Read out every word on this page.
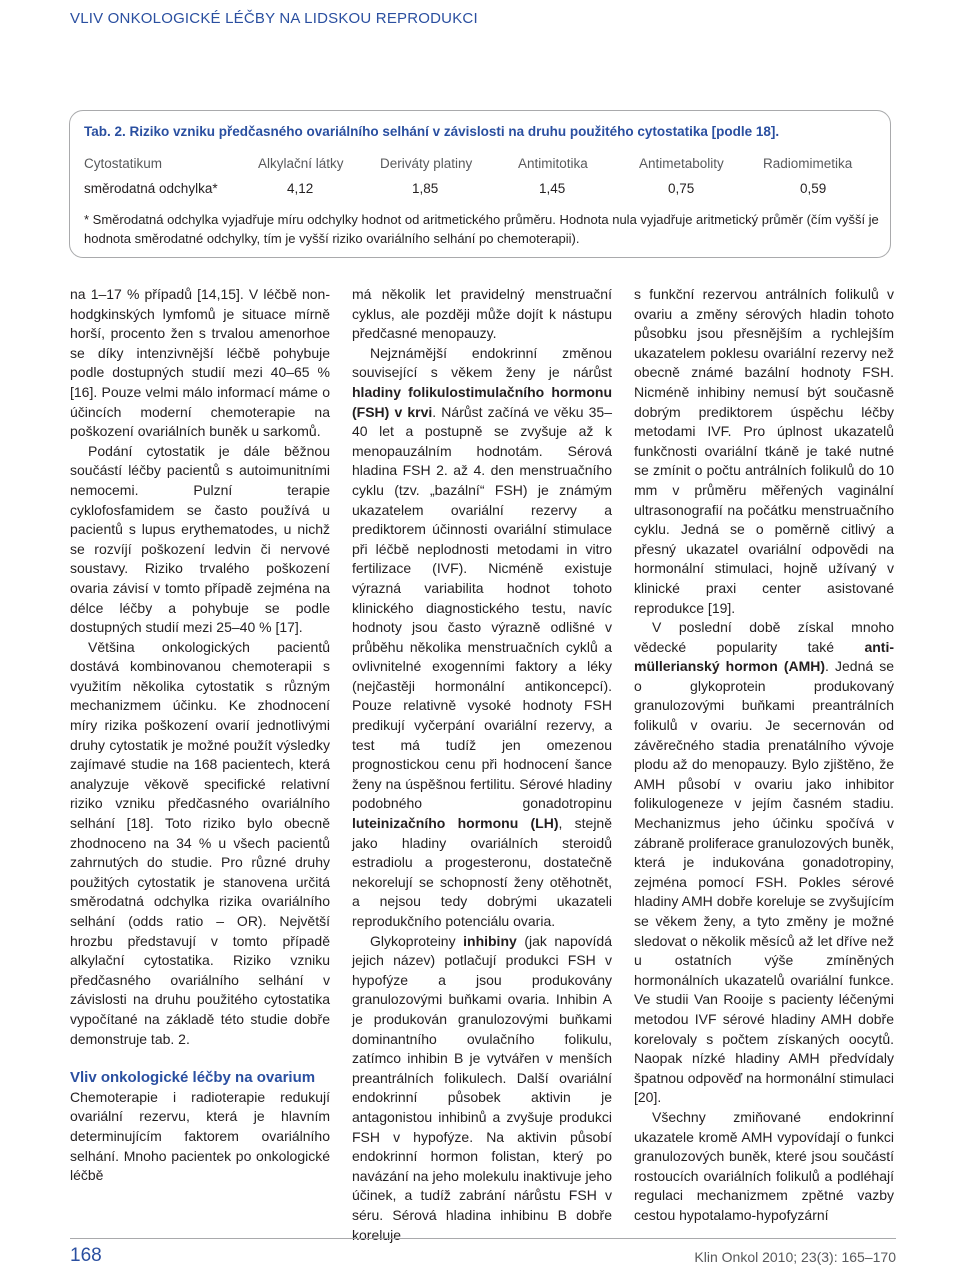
VLIV ONKOLOGICKÉ LÉČBY NA LIDSKOU REPRODUKCI
Tab. 2. Riziko vzniku předčasného ovariálního selhání v závislosti na druhu použitého cytostatika [podle 18].
Cytostatikum	Alkylační látky	Deriváty platiny	Antimitotika	Antimetabolity	Radiomimetika
směrodatná odchylka*	4,12	1,85	1,45	0,75	0,59
* Směrodatná odchylka vyjadřuje míru odchylky hodnot od aritmetického průměru. Hodnota nula vyjadřuje aritmetický průměr (čím vyšší je hodnota směrodatné odchylky, tím je vyšší riziko ovariálního selhání po chemoterapii).

na 1–17 % případů [14,15]. V léčbě non-hodgkinských lymfomů je situace mírně horší, procento žen s trvalou amenorhoe se díky intenzivnější léčbě pohybuje podle dostupných studií mezi 40–65 % [16]. Pouze velmi málo informací máme o účincích moderní chemoterapie na poškození ovariálních buněk u sarkomů.

Podání cytostatik je dále běžnou součástí léčby pacientů s autoimunitními nemocemi. Pulzní terapie cyklofosfamidem se často používá u pacientů s lupus erythematodes, u nichž se rozvíjí poškození ledvin či nervové soustavy. Riziko trvalého poškození ovaria závisí v tomto případě zejména na délce léčby a pohybuje se podle dostupných studií mezi 25–40 % [17].

Většina onkologických pacientů dostává kombinovanou chemoterapii s využitím několika cytostatik s různým mechanizmem účinku. Ke zhodnocení míry rizika poškození ovarií jednotlivými druhy cytostatik je možné použít výsledky zajímavé studie na 168 pacientech, která analyzuje věkově specifické relativní riziko vzniku předčasného ovariálního selhání [18]. Toto riziko bylo obecně zhodnoceno na 34 % u všech pacientů zahrnutých do studie. Pro různé druhy použitých cytostatik je stanovena určitá směrodatná odchylka rizika ovariálního selhání (odds ratio – OR). Největší hrozbu představují v tomto případě alkylační cytostatika. Riziko vzniku předčasného ovariálního selhání v závislosti na druhu použitého cytostatika vypočítané na základě této studie dobře demonstruje tab. 2.

Vliv onkologické léčby na ovarium

Chemoterapie i radioterapie redukují ovariální rezervu, která je hlavním determinujícím faktorem ovariálního selhání. Mnoho pacientek po onkologické léčbě

má několik let pravidelný menstruační cyklus, ale později může dojít k nástupu předčasné menopauzy.

Nejznámější endokrinní změnou související s věkem ženy je nárůst hladiny folikulostimulačního hormonu (FSH) v krvi. Nárůst začíná ve věku 35–40 let a postupně se zvyšuje až k menopauzálním hodnotám. Sérová hladina FSH 2. až 4. den menstruačního cyklu (tzv. „bazální“ FSH) je známým ukazatelem ovariální rezervy a prediktorem účinnosti ovariální stimulace při léčbě neplodnosti metodami in vitro fertilizace (IVF). Nicméně existuje výrazná variabilita hodnot tohoto klinického diagnostického testu, navíc hodnoty jsou často výrazně odlišné v průběhu několika menstruačních cyklů a ovlivnitelné exogenními faktory a léky (nejčastěji hormonální antikoncepcí). Pouze relativně vysoké hodnoty FSH predikují vyčerpání ovariální rezervy, a test má tudíž jen omezenou prognostickou cenu při hodnocení šance ženy na úspěšnou fertilitu. Sérové hladiny podobného gonadotropinu luteinizačního hormonu (LH), stejně jako hladiny ovariálních steroidů estradiolu a progesteronu, dostatečně nekorelují se schopností ženy otěhotnět, a nejsou tedy dobrými ukazateli reprodukčního potenciálu ovaria.

Glykoproteiny inhibiny (jak napovídá jejich název) potlačují produkci FSH v hypofýze a jsou produkovány granulozovými buňkami ovaria. Inhibin A je produkován granulozovými buňkami dominantního ovulačního folikulu, zatímco inhibin B je vytvářen v menších preantrálních folikulech. Další ovariální endokrinní působek aktivin je antagonistou inhibinů a zvyšuje produkci FSH v hypofýze. Na aktivin působí endokrinní hormon folistan, který po navázání na jeho molekulu inaktivuje jeho účinek, a tudíž zabrání nárůstu FSH v séru. Sérová hladina inhibinu B dobře koreluje

s funkční rezervou antrálních folikulů v ovariu a změny sérových hladin tohoto působku jsou přesnějším a rychlejším ukazatelem poklesu ovariální rezervy než obecně známé bazální hodnoty FSH. Nicméně inhibiny nemusí být současně dobrým prediktorem úspěchu léčby metodami IVF. Pro úplnost ukazatelů funkčnosti ovariální tkáně je také nutné se zmínit o počtu antrálních folikulů do 10 mm v průměru měřených vaginální ultrasonografií na počátku menstruačního cyklu. Jedná se o poměrně citlivý a přesný ukazatel ovariální odpovědi na hormonální stimulaci, hojně užívaný v klinické praxi center asistované reprodukce [19].

V poslední době získal mnoho vědecké popularity také anti-müllerianský hormon (AMH). Jedná se o glykoprotein produkovaný granulozovými buňkami preantrálních folikulů v ovariu. Je secernován od závěrečného stadia prenatálního vývoje plodu až do menopauzy. Bylo zjištěno, že AMH působí v ovariu jako inhibitor folikulogeneze v jejím časném stadiu. Mechanizmus jeho účinku spočívá v zábraně proliferace granulozových buněk, která je indukována gonadotropiny, zejména pomocí FSH. Pokles sérové hladiny AMH dobře koreluje se zvyšujícím se věkem ženy, a tyto změny je možné sledovat o několik měsíců až let dříve než u ostatních výše zmíněných hormonálních ukazatelů ovariální funkce. Ve studii Van Rooije s pacienty léčenými metodou IVF sérové hladiny AMH dobře korelovaly s počtem získaných oocytů. Naopak nízké hladiny AMH předvídaly špatnou odpověď na hormonální stimulaci [20].

Všechny zmiňované endokrinní ukazatele kromě AMH vypovídají o funkci granulozových buněk, které jsou součástí rostoucích ovariálních folikulů a podléhají regulaci mechanizmem zpětné vazby cestou hypotalamo-hypofyzární

168	Klin Onkol 2010; 23(3): 165–170
